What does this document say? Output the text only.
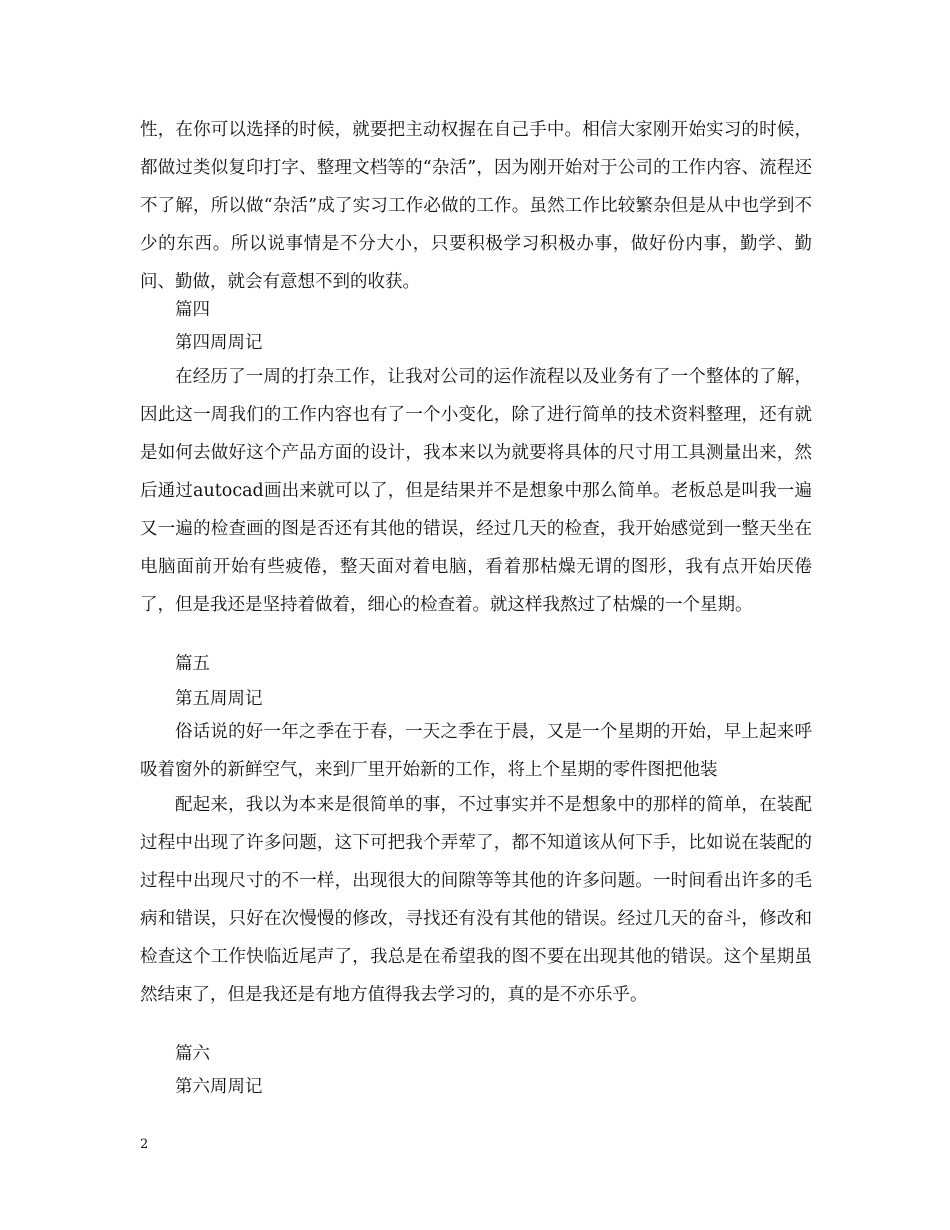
性，在你可以选择的时候，就要把主动权握在自己手中。相信大家刚开始实习的时候，都做过类似复印打字、整理文档等的“杂活”，因为刚开始对于公司的工作内容、流程还不了解，所以做“杂活”成了实习工作必做的工作。虽然工作比较繁杂但是从中也学到不少的东西。所以说事情是不分大小，只要积极学习积极办事，做好份内事，勤学、勤问、勤做，就会有意想不到的收获。

篇四

第四周周记

在经历了一周的打杂工作，让我对公司的运作流程以及业务有了一个整体的了解，因此这一周我们的工作内容也有了一个小变化，除了进行简单的技术资料整理，还有就是如何去做好这个产品方面的设计，我本来以为就要将具体的尺寸用工具测量出来，然后通过autocad画出来就可以了，但是结果并不是想象中那么简单。老板总是叫我一遍又一遍的检查画的图是否还有其他的错误，经过几天的检查，我开始感觉到一整天坐在电脑面前开始有些疲倦，整天面对着电脑，看着那枯燥无谓的图形，我有点开始厌倦了，但是我还是坚持着做着，细心的检查着。就这样我熬过了枯燥的一个星期。

篇五

第五周周记

俗话说的好一年之季在于春，一天之季在于晨，又是一个星期的开始，早上起来呼吸着窗外的新鲜空气，来到厂里开始新的工作，将上个星期的零件图把他装

配起来，我以为本来是很简单的事，不过事实并不是想象中的那样的简单，在装配过程中出现了许多问题，这下可把我个弄荤了，都不知道该从何下手，比如说在装配的过程中出现尺寸的不一样，出现很大的间隙等等其他的许多问题。一时间看出许多的毛病和错误，只好在次慢慢的修改，寻找还有没有其他的错误。经过几天的奋斗，修改和检查这个工作快临近尾声了，我总是在希望我的图不要在出现其他的错误。这个星期虽然结束了，但是我还是有地方值得我去学习的，真的是不亦乐乎。

篇六

第六周周记

2
